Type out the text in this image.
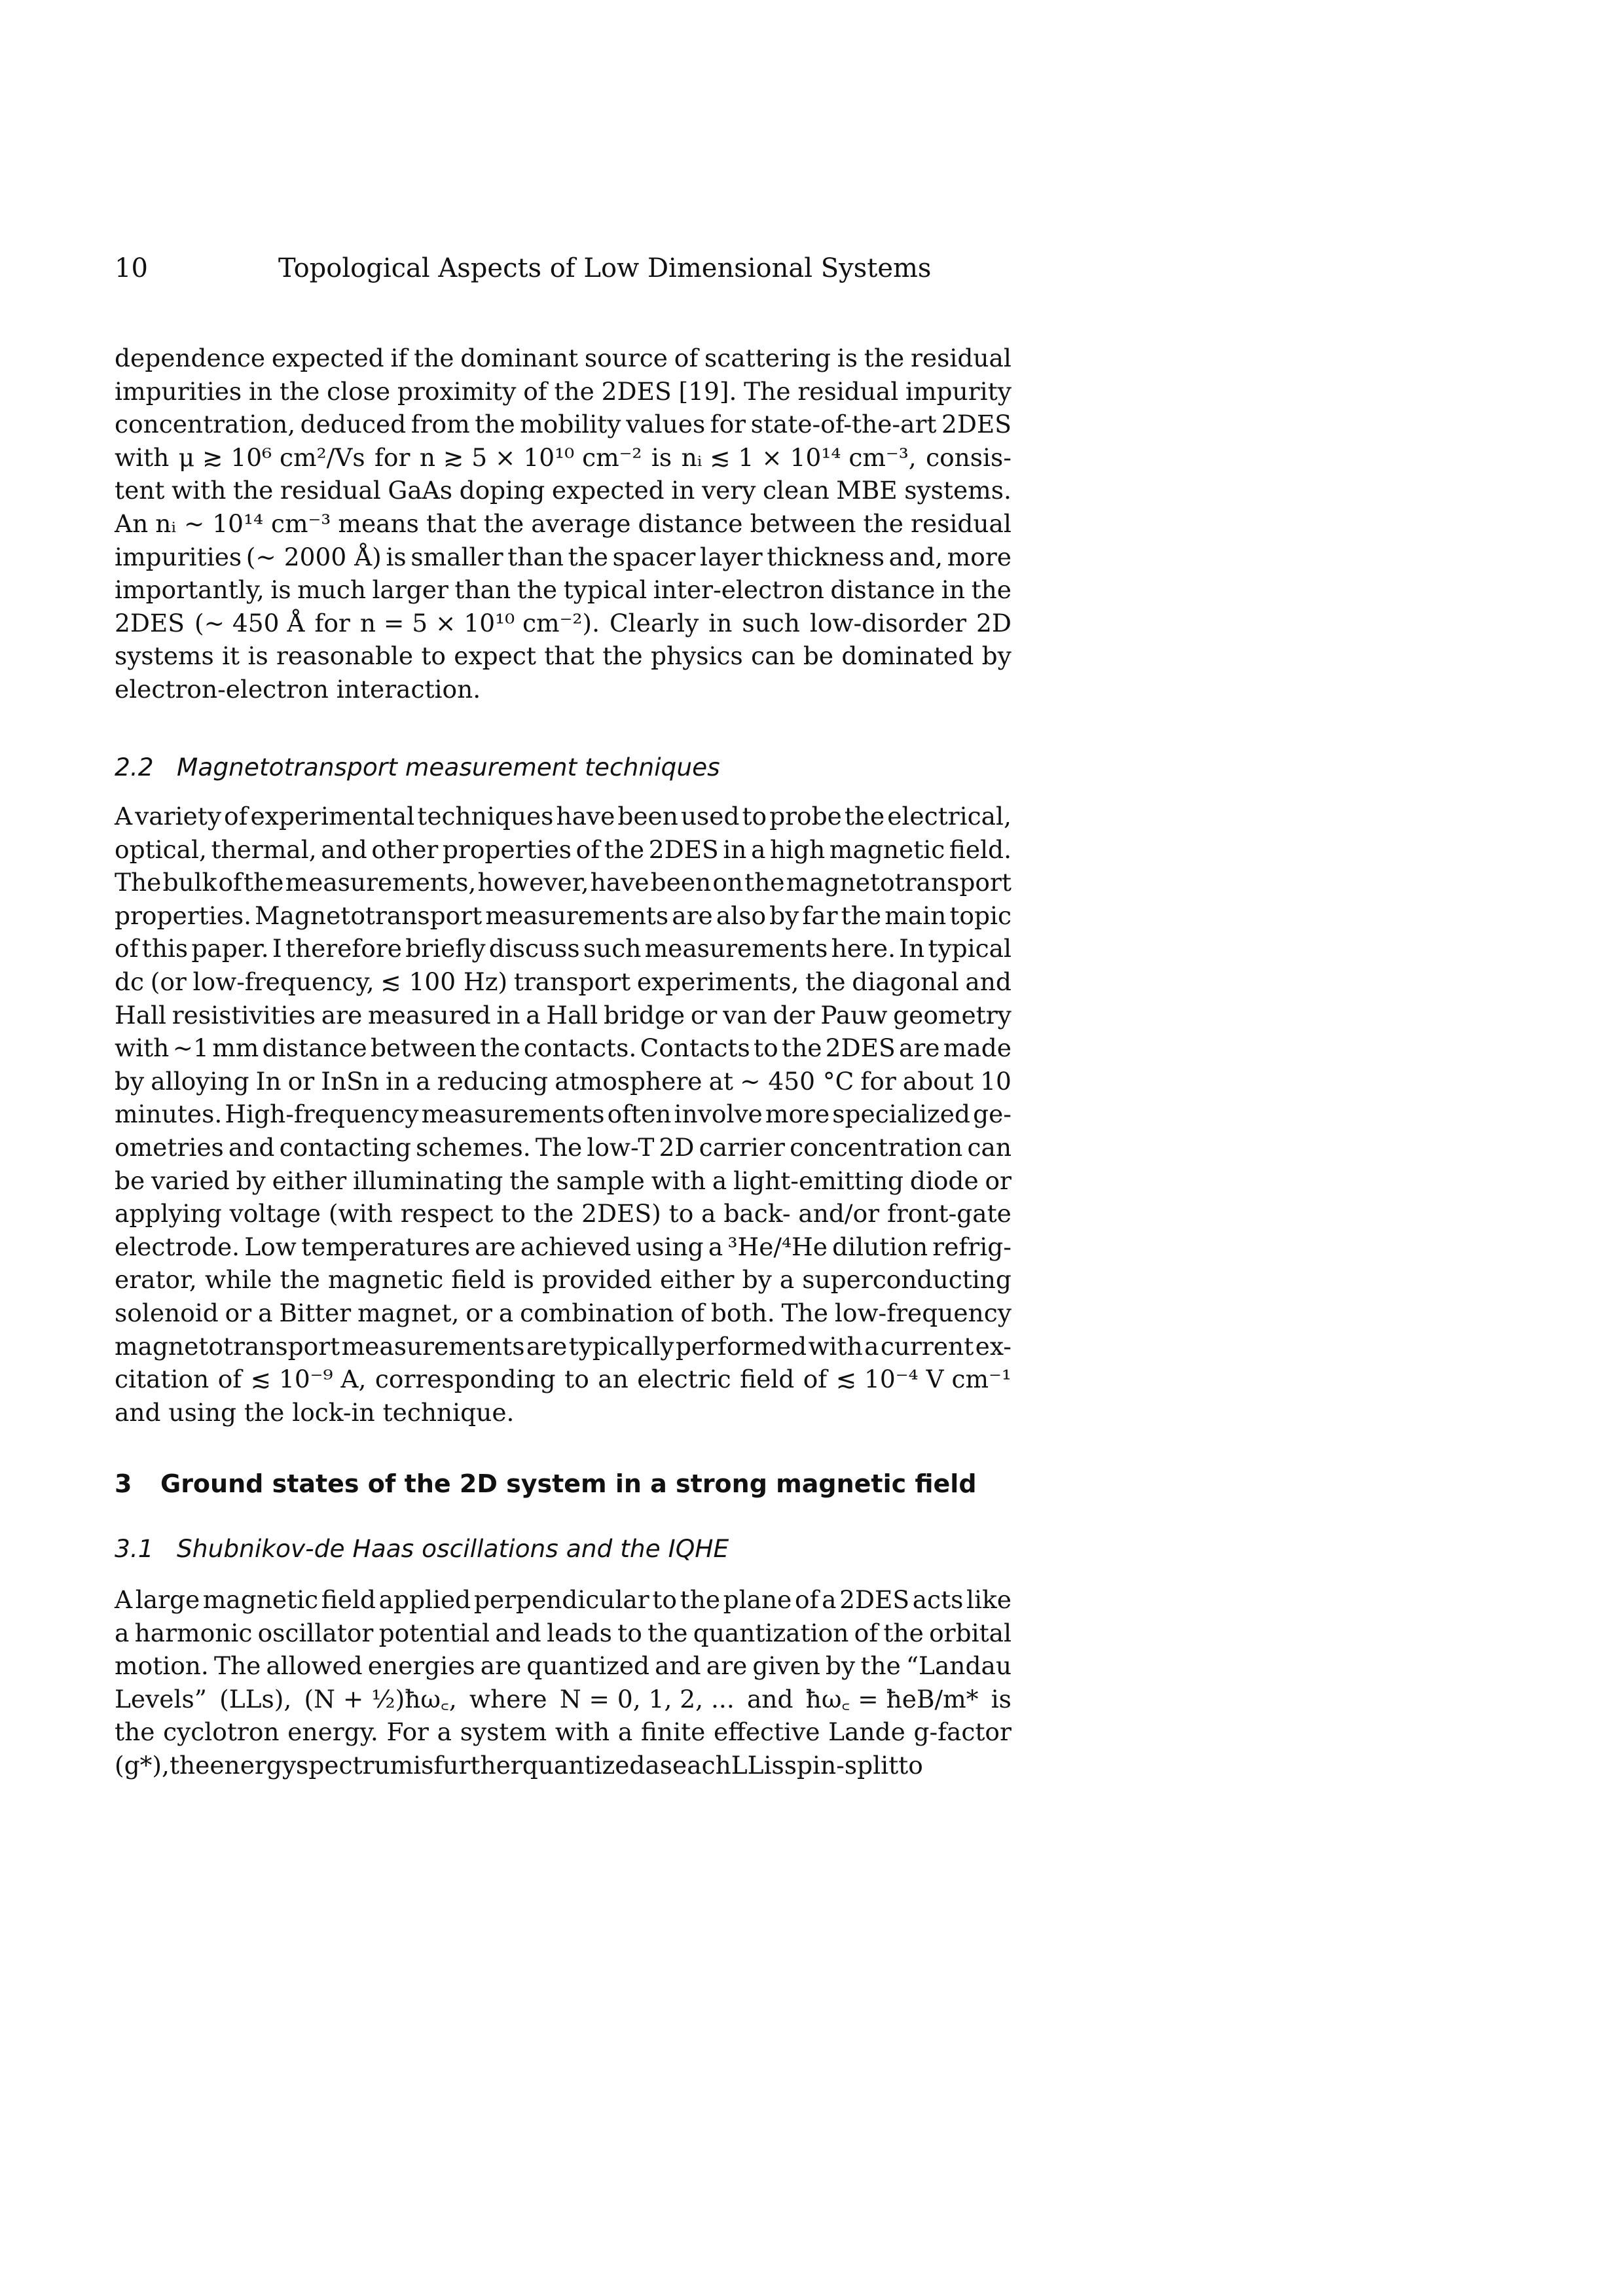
10	Topological Aspects of Low Dimensional Systems
dependence expected if the dominant source of scattering is the residual
impurities in the close proximity of the 2DES [19]. The residual impurity
concentration, deduced from the mobility values for state-of-the-art 2DES
with μ ≳ 10⁶ cm²/Vs for n ≳ 5 × 10¹⁰ cm⁻² is nᵢ ≲ 1 × 10¹⁴ cm⁻³, consis-
tent with the residual GaAs doping expected in very clean MBE systems.
An nᵢ ∼ 10¹⁴ cm⁻³ means that the average distance between the residual
impurities (∼ 2000 Å) is smaller than the spacer layer thickness and, more
importantly, is much larger than the typical inter-electron distance in the
2DES (∼ 450 Å for n = 5 × 10¹⁰ cm⁻²). Clearly in such low-disorder 2D
systems it is reasonable to expect that the physics can be dominated by
electron-electron interaction.
2.2 Magnetotransport measurement techniques
A variety of experimental techniques have been used to probe the electrical,
optical, thermal, and other properties of the 2DES in a high magnetic field.
The bulk of the measurements, however, have been on the magnetotransport
properties. Magnetotransport measurements are also by far the main topic
of this paper. I therefore briefly discuss such measurements here. In typical
dc (or low-frequency, ≲ 100 Hz) transport experiments, the diagonal and
Hall resistivities are measured in a Hall bridge or van der Pauw geometry
with ∼1 mm distance between the contacts. Contacts to the 2DES are made
by alloying In or InSn in a reducing atmosphere at ∼ 450 °C for about 10
minutes. High-frequency measurements often involve more specialized ge-
ometries and contacting schemes. The low-T 2D carrier concentration can
be varied by either illuminating the sample with a light-emitting diode or
applying voltage (with respect to the 2DES) to a back- and/or front-gate
electrode. Low temperatures are achieved using a ³He/⁴He dilution refrig-
erator, while the magnetic field is provided either by a superconducting
solenoid or a Bitter magnet, or a combination of both. The low-frequency
magnetotransport measurements are typically performed with a current ex-
citation of ≲ 10⁻⁹ A, corresponding to an electric field of ≲ 10⁻⁴ V cm⁻¹
and using the lock-in technique.
3 Ground states of the 2D system in a strong magnetic field
3.1 Shubnikov-de Haas oscillations and the IQHE
A large magnetic field applied perpendicular to the plane of a 2DES acts like
a harmonic oscillator potential and leads to the quantization of the orbital
motion. The allowed energies are quantized and are given by the “Landau
Levels” (LLs), (N + ½)ħω꜀, where N = 0, 1, 2, ... and ħω꜀ = ħeB/m* is
the cyclotron energy. For a system with a finite effective Lande g-factor
(g*),theenergyspectrumisfurtherquantizedaseachLLisspin-splitto
